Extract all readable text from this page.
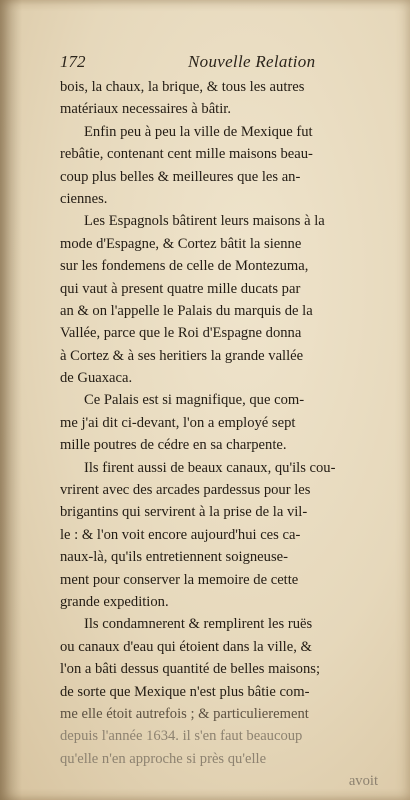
172	Nouvelle Relation
bois, la chaux, la brique, & tous les autres
matériaux necessaires à bâtir.
Enfin peu à peu la ville de Mexique fut
rebâtie, contenant cent mille maisons beau-
coup plus belles & meilleures que les an-
ciennes.
Les Espagnols bâtirent leurs maisons à la
mode d'Espagne, & Cortez bâtit la sienne
sur les fondemens de celle de Montezuma,
qui vaut à present quatre mille ducats par
an & on l'appelle le Palais du marquis de la
Vallée, parce que le Roi d'Espagne donna
à Cortez & à ses heritiers la grande vallée
de Guaxaca.
Ce Palais est si magnifique, que com-
me j'ai dit ci-devant, l'on a employé sept
mille poutres de cédre en sa charpente.
Ils firent aussi de beaux canaux, qu'ils cou-
vrirent avec des arcades pardessus pour les
brigantins qui servirent à la prise de la vil-
le : & l'on voit encore aujourd'hui ces ca-
naux-là, qu'ils entretiennent soigneuse-
ment pour conserver la memoire de cette
grande expedition.
Ils condamnerent & remplirent les ruës
ou canaux d'eau qui étoient dans la ville, &
l'on a bâti dessus quantité de belles maisons;
de sorte que Mexique n'est plus bâtie com-
me elle étoit autrefois ; & particulierement
depuis l'année 1634. il s'en faut beaucoup
qu'elle n'en approche si près qu'elle
avoit
